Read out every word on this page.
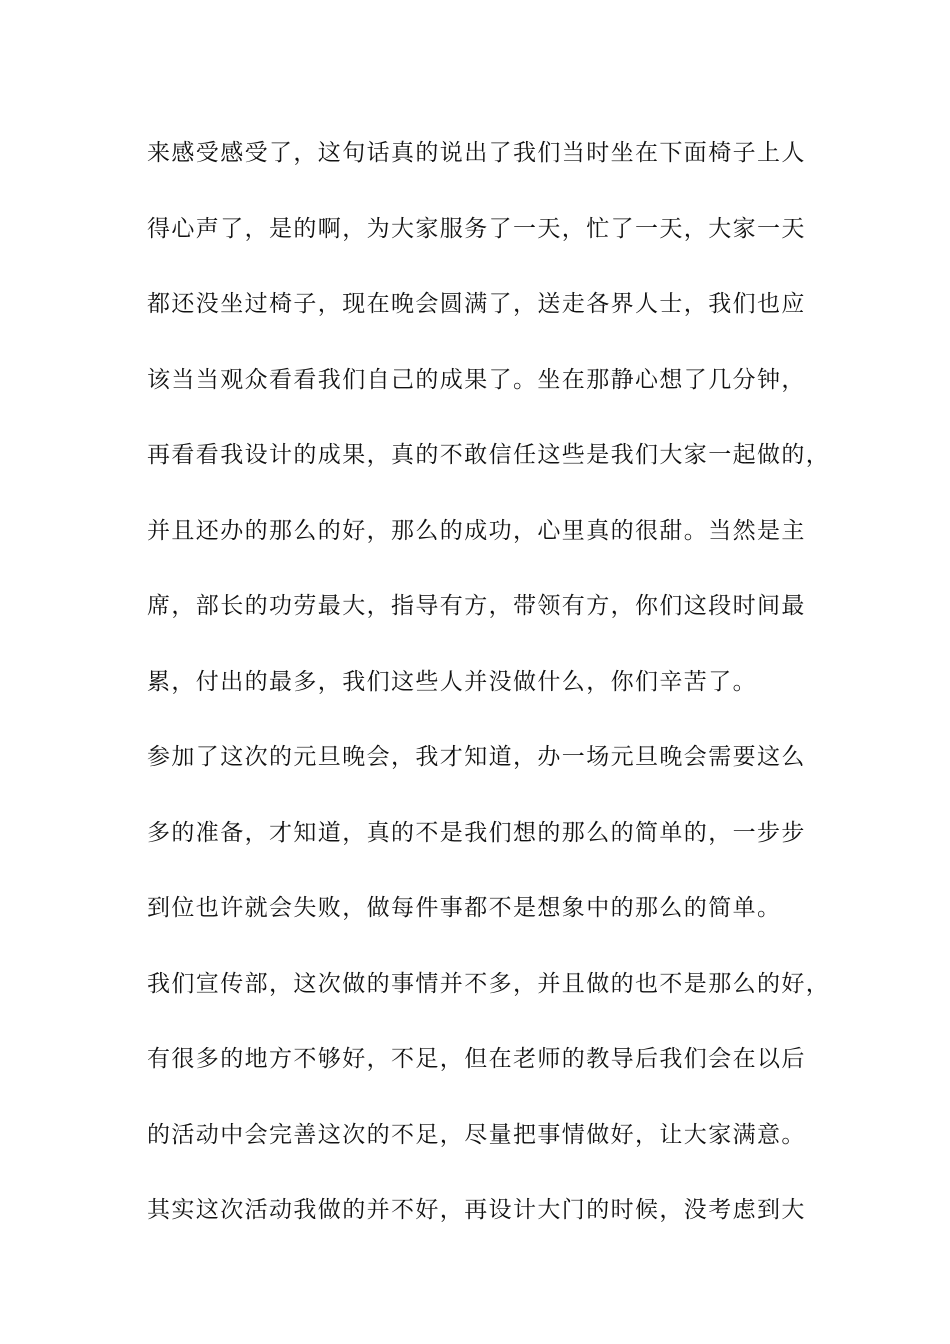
来感受感受了，这句话真的说出了我们当时坐在下面椅子上人
得心声了，是的啊，为大家服务了一天，忙了一天，大家一天
都还没坐过椅子，现在晚会圆满了，送走各界人士，我们也应
该当当观众看看我们自己的成果了。坐在那静心想了几分钟，
再看看我设计的成果，真的不敢信任这些是我们大家一起做的，
并且还办的那么的好，那么的成功，心里真的很甜。当然是主
席，部长的功劳最大，指导有方，带领有方，你们这段时间最
累，付出的最多，我们这些人并没做什么，你们辛苦了。
参加了这次的元旦晚会，我才知道，办一场元旦晚会需要这么
多的准备，才知道，真的不是我们想的那么的简单的，一步步
到位也许就会失败，做每件事都不是想象中的那么的简单。
我们宣传部，这次做的事情并不多，并且做的也不是那么的好，
有很多的地方不够好，不足，但在老师的教导后我们会在以后
的活动中会完善这次的不足，尽量把事情做好，让大家满意。
其实这次活动我做的并不好，再设计大门的时候，没考虑到大
